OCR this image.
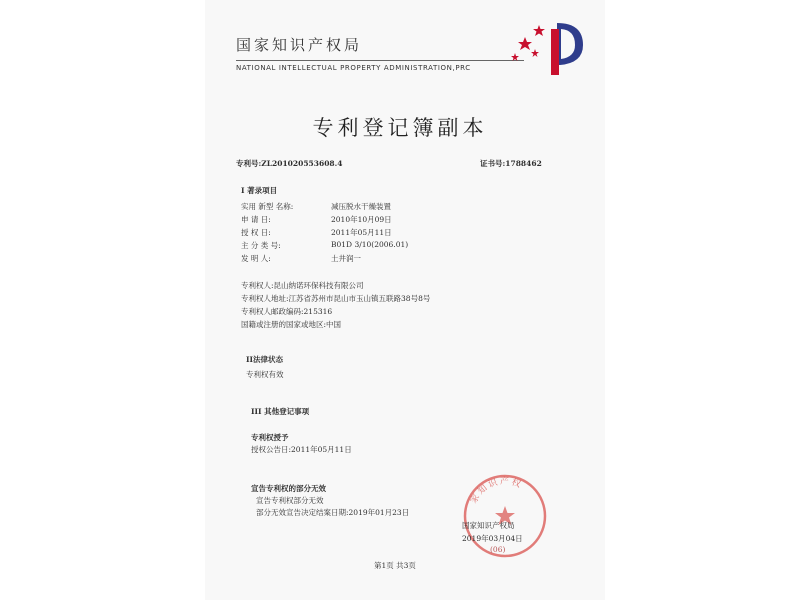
国家知识产权局
NATIONAL INTELLECTUAL PROPERTY ADMINISTRATION,PRC
专利登记簿副本
专利号:ZL201020553608.4	证书号:1788462
I 著录项目
实用 新型 名称:	减压脱水干燥装置
申 请 日:	2010年10月09日
授 权 日:	2011年05月11日
主 分 类 号:	B01D 3/10(2006.01)
发 明 人:	土井润一
专利权人:昆山纳诺环保科技有限公司
专利权人地址:江苏省苏州市昆山市玉山镇五联路38号8号
专利权人邮政编码:215316
国籍或注册的国家或地区:中国
II法律状态
专利权有效
III 其他登记事项
专利权授予
授权公告日:2011年05月11日
宣告专利权的部分无效
宣告专利权部分无效
部分无效宣告决定结案日期:2019年01月23日
家知识产权
国家知识产权局
2019年03月04日
(06)
第1页 共3页
